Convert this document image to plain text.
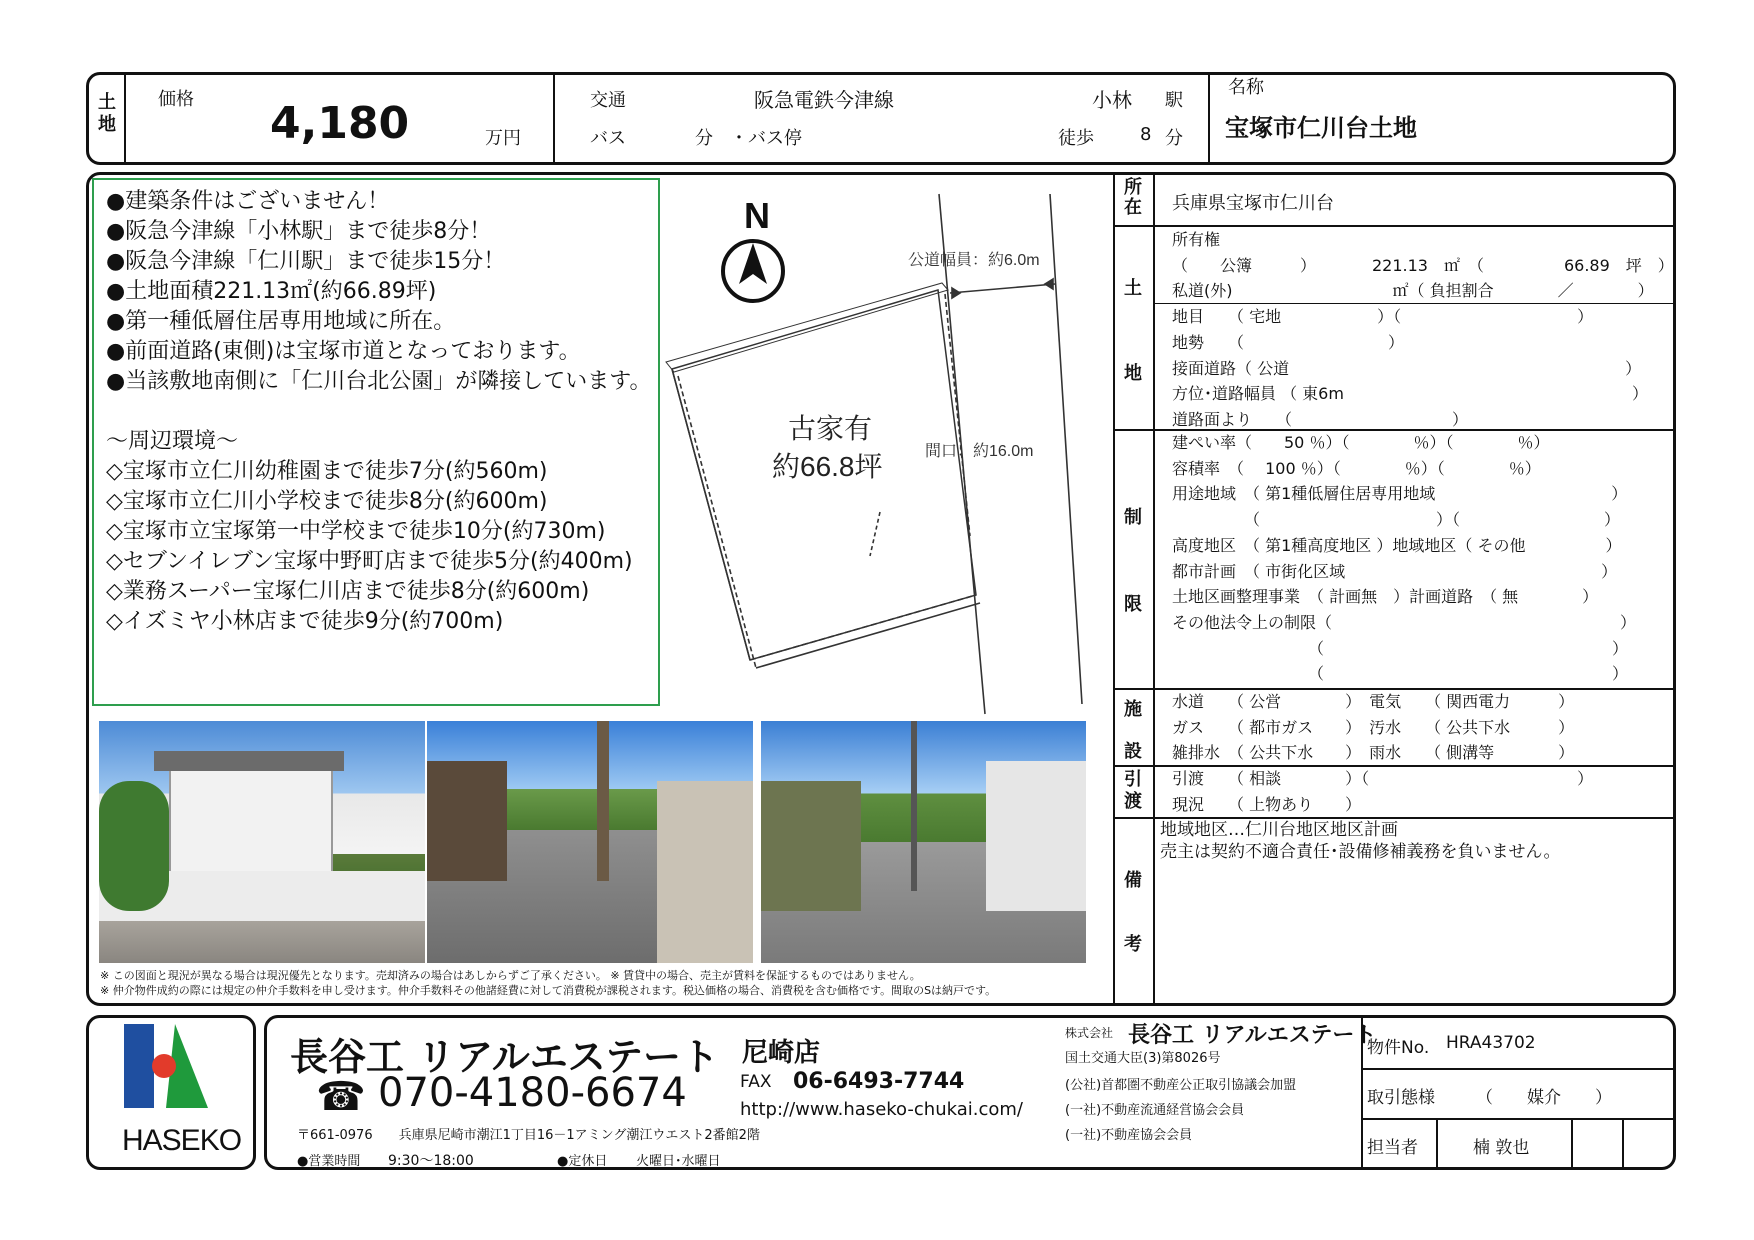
土
地
価格 4,180	万円
交通	阪急電鉄今津線	小林 駅
バス	分 ・バス停	徒歩	8 分
名称
宝塚市仁川台土地
●建築条件はございません！
●阪急今津線「小林駅」まで徒歩8分！
●阪急今津線「仁川駅」まで徒歩15分！
●土地面積221.13㎡(約66.89坪)
●第一種低層住居専用地域に所在。
●前面道路(東側)は宝塚市道となっております。
●当該敷地南側に「仁川台北公園」が隣接しています。

～周辺環境～
◇宝塚市立仁川幼稚園まで徒歩7分(約560m)
◇宝塚市立仁川小学校まで徒歩8分(約600m)
◇宝塚市立宝塚第一中学校まで徒歩10分(約730m)
◇セブンイレブン宝塚中野町店まで徒歩5分(約400m)
◇業務スーパー宝塚仁川店まで徒歩8分(約600m)
◇イズミヤ小林店まで徒歩9分(約700m)
N
公道幅員：約6.0m
間口：約16.0m
古家有
約66.8坪
※ この図面と現況が異なる場合は現況優先となります。売却済みの場合はあしからずご了承ください。 ※ 賃貸中の場合、売主が賃料を保証するものではありません。
※ 仲介物件成約の際には規定の仲介手数料を申し受けます。仲介手数料その他諸経費に対して消費税が課税されます。税込価格の場合、消費税を含む価格です。間取のSは納戸です。
所
在	兵庫県宝塚市仁川台
土
地
所有権
（　　公簿　　　）　　　　221.13　㎡　（　　　　　66.89　坪　）
私道(外)　　　　　　　　　　㎡（ 負担割合　　　　／　　　　）
地目　　（ 宅地　　　　　　）（　　　　　　　　　　　）
地勢　　（　　　　　　　　　）
接面道路（ 公道　　　　　　　　　　　　　　　　　　　　　）
方位･道路幅員 （ 東6m　　　　　　　　　　　　　　　　　　）
道路面より　　（　　　　　　　　　　）
制
限
建ぺい率（　　50 ％）（　　　　％）（　　　　％）
容積率　（　 100 ％）（　　　　％）（　　　　％）
用途地域　（ 第1種低層住居専用地域　　　　　　　　　　　）
　　　　　（　　　　　　　　　　　）（　　　　　　　　　）
高度地区　（ 第1種高度地区 ）地域地区（ その他　　　　　）
都市計画　（ 市街化区域　　　　　　　　　　　　　　　　）
土地区画整理事業　（ 計画無　）計画道路　（ 無　　　　）
その他法令上の制限（　　　　　　　　　　　　　　　　　　）
　　　　　　　　　（　　　　　　　　　　　　　　　　　　）
　　　　　　　　　（　　　　　　　　　　　　　　　　　　）
施
設
水道　　（ 公営　　　　）　電気　　（ 関西電力　　　）
ガス　　（ 都市ガス　　）　汚水　　（ 公共下水　　　）
雑排水　（ 公共下水　　）　雨水　　（ 側溝等　　　　）
引
渡
引渡　　（ 相談　　　　）（　　　　　　　　　　　　　）
現況　　（ 上物あり　　）
備
考
地域地区…仁川台地区地区計画
売主は契約不適合責任･設備修補義務を負いません。
HASEKO
長谷工 リアルエステート 尼崎店
☎ 070-4180-6674	FAX 06-6493-7744
http://www.haseko-chukai.com/
〒661-0976　　兵庫県尼崎市潮江1丁目16－1アミング潮江ウエスト2番館2階
●営業時間 9:30～18:00	●定休日 火曜日･水曜日
株式会社 長谷工 リアルエステート
国土交通大臣(3)第8026号
(公社)首都圏不動産公正取引協議会加盟
(一社)不動産流通経営協会会員
(一社)不動産協会会員
物件No. HRA43702
取引態様 （　　媒介　　）
担当者	楠 敦也
